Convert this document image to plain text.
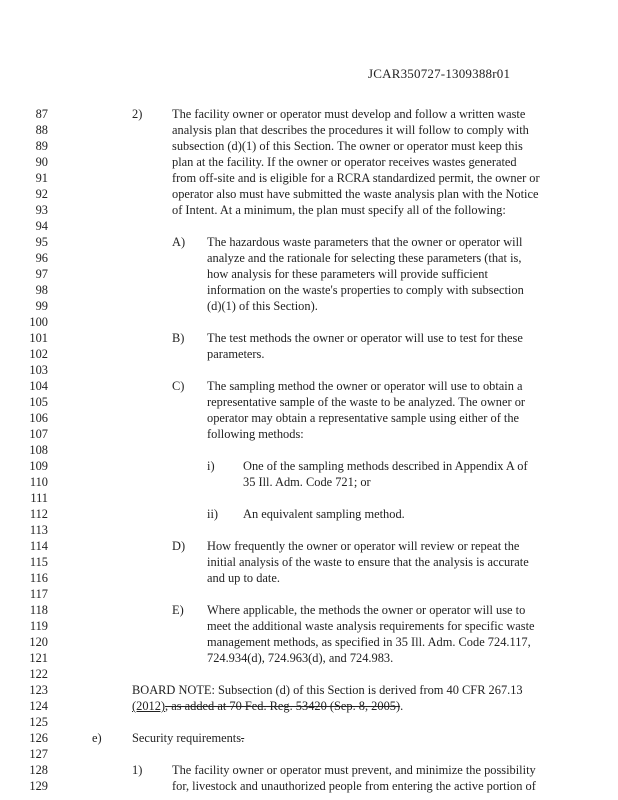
JCAR350727-1309388r01
87
88
89
90
91
92
93
94
95
96
97
98
99
100
101
102
103
104
105
106
107
108
109
110
111
112
113
114
115
116
117
118
119
120
121
122
123
124
125
126
127
128
129
2) The facility owner or operator must develop and follow a written waste
analysis plan that describes the procedures it will follow to comply with
subsection (d)(1) of this Section. The owner or operator must keep this
plan at the facility. If the owner or operator receives wastes generated
from off-site and is eligible for a RCRA standardized permit, the owner or
operator also must have submitted the waste analysis plan with the Notice
of Intent. At a minimum, the plan must specify all of the following:
A) The hazardous waste parameters that the owner or operator will
analyze and the rationale for selecting these parameters (that is,
how analysis for these parameters will provide sufficient
information on the waste's properties to comply with subsection
(d)(1) of this Section).
B) The test methods the owner or operator will use to test for these
parameters.
C) The sampling method the owner or operator will use to obtain a
representative sample of the waste to be analyzed. The owner or
operator may obtain a representative sample using either of the
following methods:
i) One of the sampling methods described in Appendix A of
35 Ill. Adm. Code 721; or
ii) An equivalent sampling method.
D) How frequently the owner or operator will review or repeat the
initial analysis of the waste to ensure that the analysis is accurate
and up to date.
E) Where applicable, the methods the owner or operator will use to
meet the additional waste analysis requirements for specific waste
management methods, as specified in 35 Ill. Adm. Code 724.117,
724.934(d), 724.963(d), and 724.983.
BOARD NOTE: Subsection (d) of this Section is derived from 40 CFR 267.13
(2012), as added at 70 Fed. Reg. 53420 (Sep. 8, 2005).
e) Security requirements.
1) The facility owner or operator must prevent, and minimize the possibility
for, livestock and unauthorized people from entering the active portion of
